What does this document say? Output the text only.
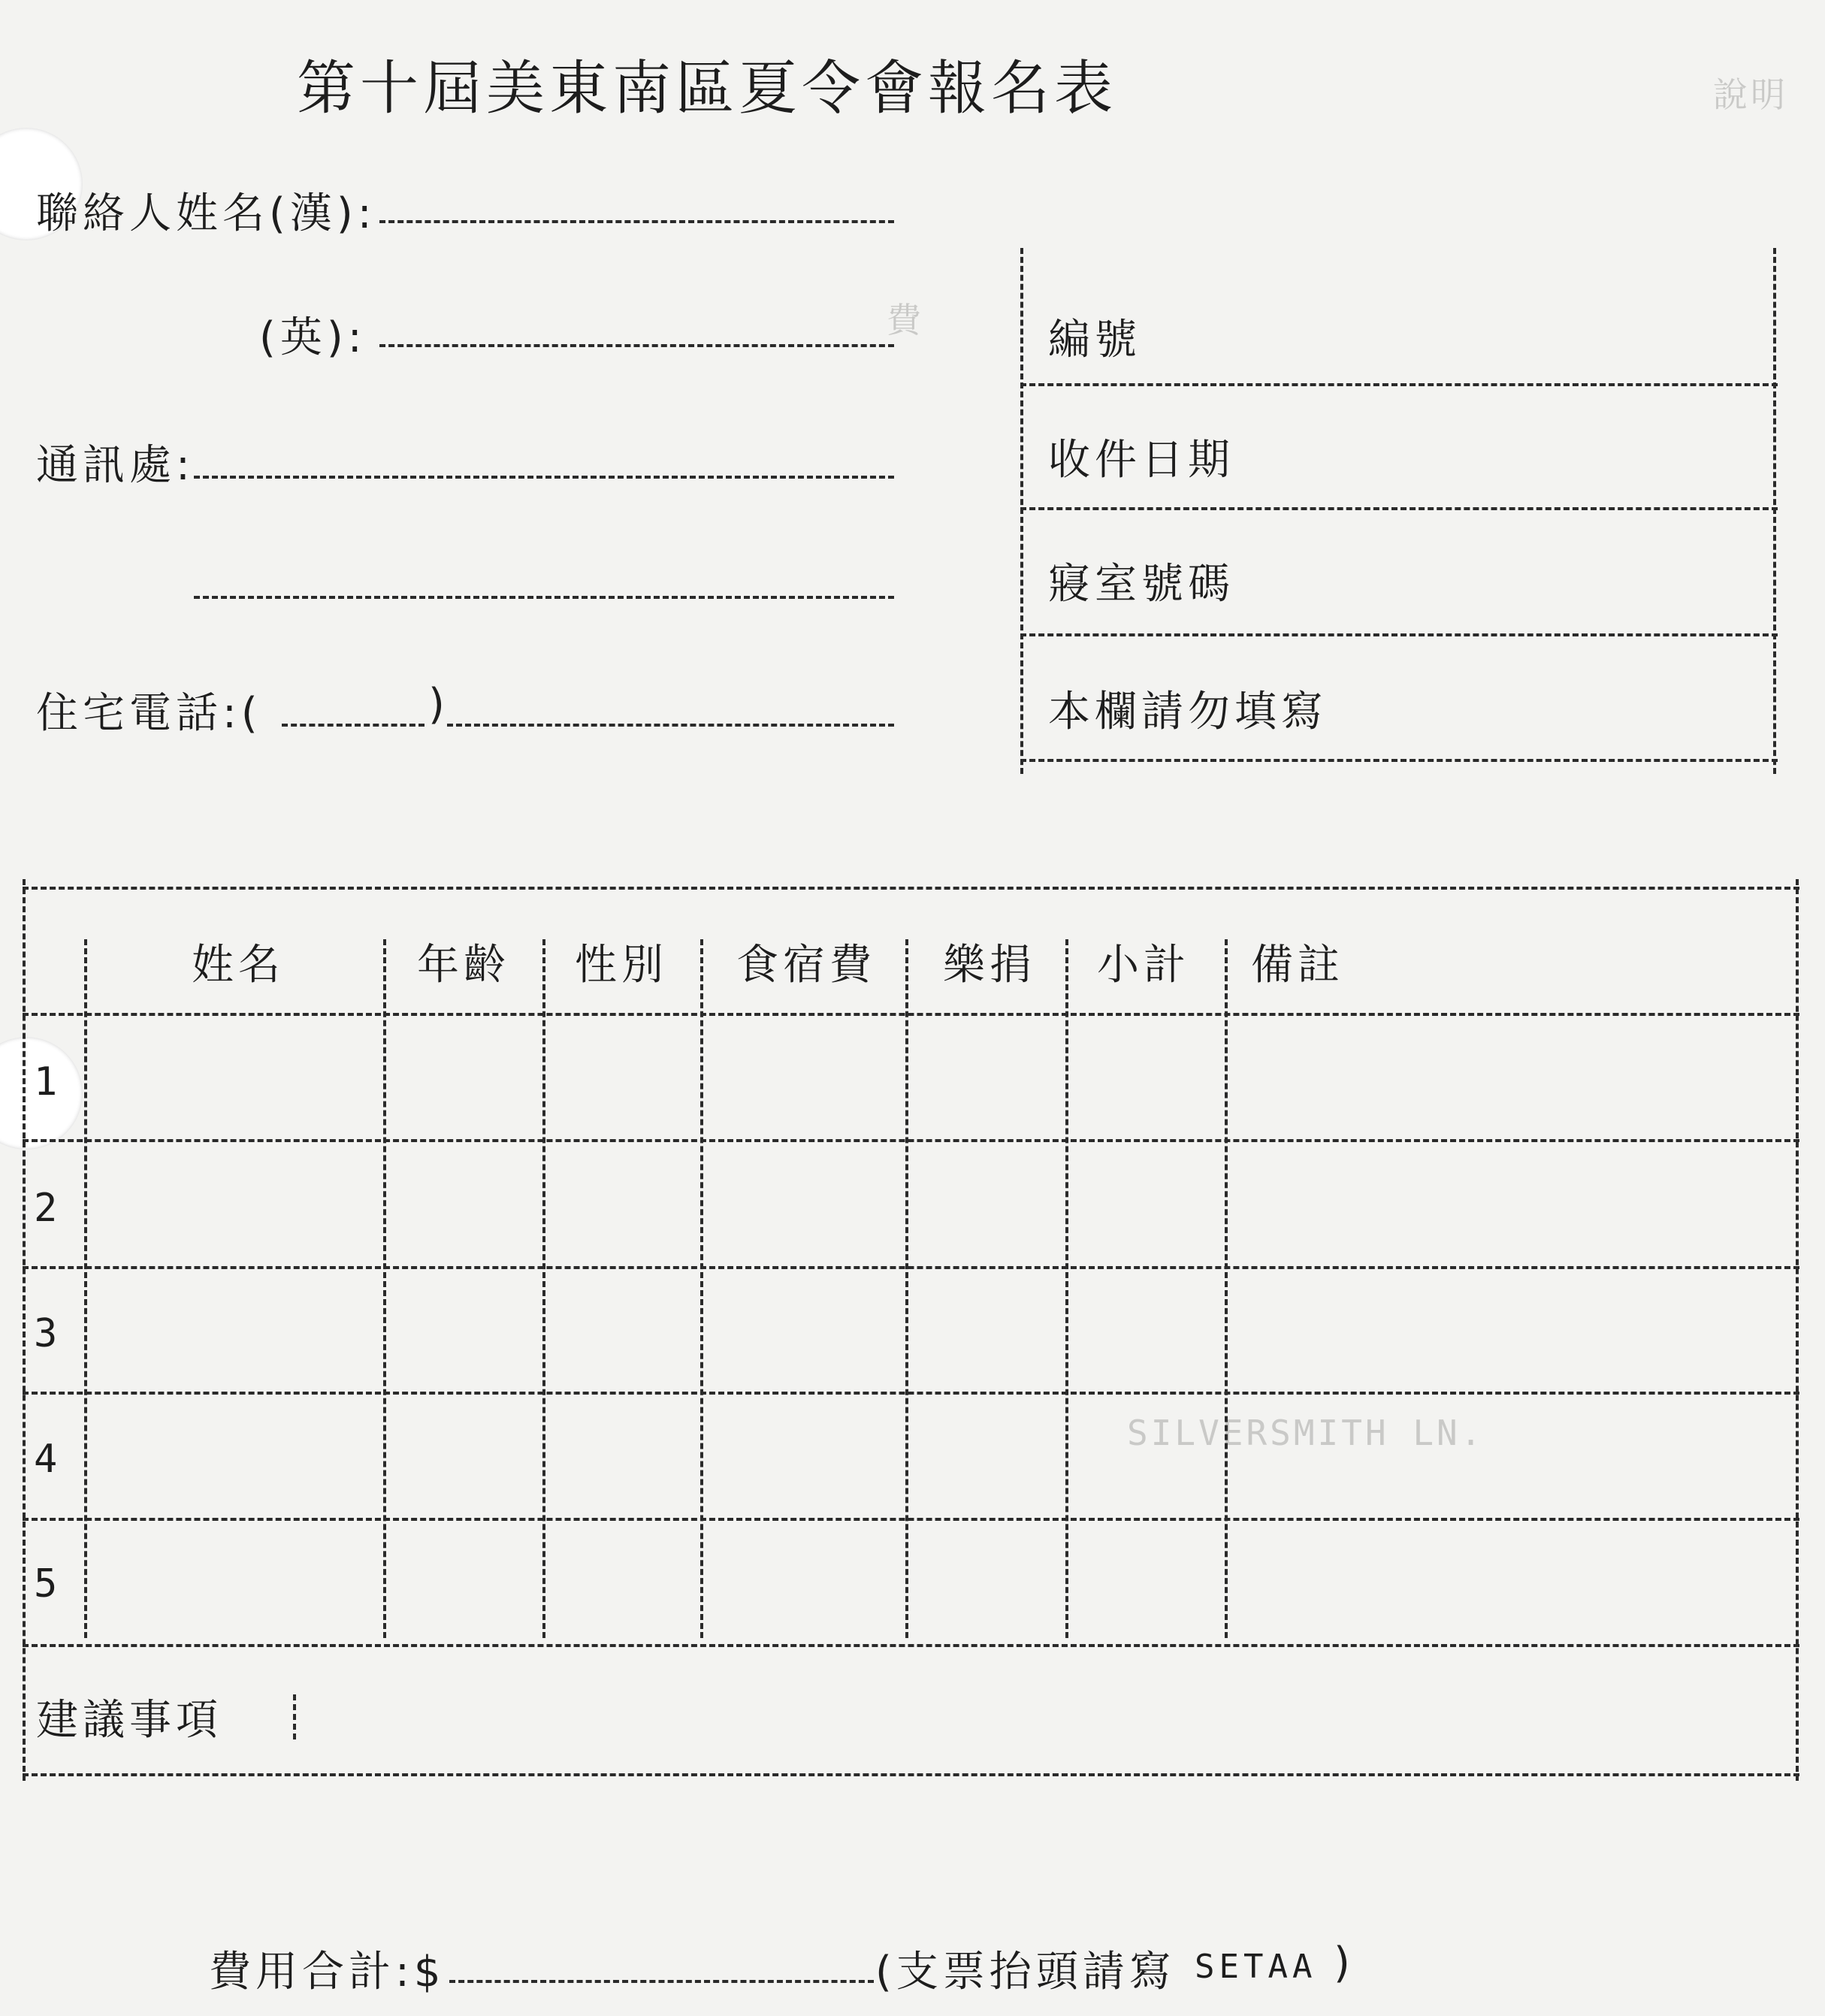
說明
費
SILVERSMITH LN.
第十屆美東南區夏令會報名表
聯絡人姓名(漢):
(英):
通訊處:
住宅電話:(	)
編號
收件日期
寢室號碼
本欄請勿填寫
姓名	年齡 性別 食宿費 樂捐 小計 備註
1
2
3
4
5
建議事項
費用合計:$	(支票抬頭請寫 SETAA )
